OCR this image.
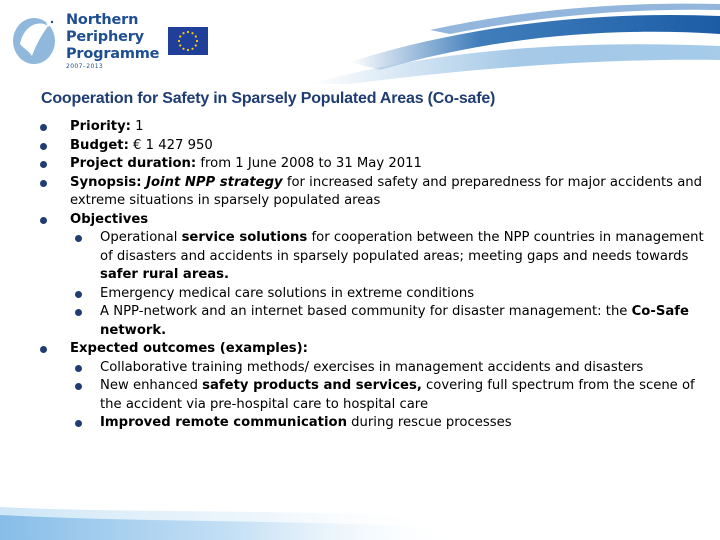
Northern
Periphery
Programme
2007–2013
Cooperation for Safety in Sparsely Populated Areas (Co-safe)
Priority: 1
Budget: € 1 427 950
Project duration: from 1 June 2008 to 31 May 2011
Synopsis: Joint NPP strategy for increased safety and preparedness for major accidents and extreme situations in sparsely populated areas
Objectives
Operational service solutions for cooperation between the NPP countries in management of disasters and accidents in sparsely populated areas; meeting gaps and needs towards safer rural areas.
Emergency medical care solutions in extreme conditions
A NPP-network and an internet based community for disaster management: the Co-Safe network.
Expected outcomes (examples):
Collaborative training methods/ exercises in management accidents and disasters
New enhanced safety products and services, covering full spectrum from the scene of the accident via pre-hospital care to hospital care
Improved remote communication during rescue processes
